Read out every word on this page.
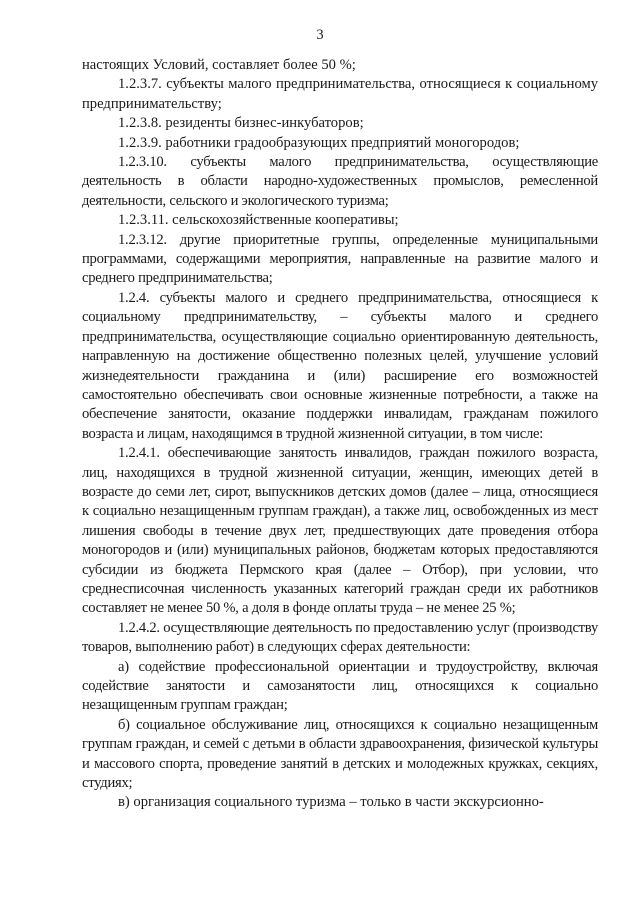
3

настоящих Условий, составляет более 50 %;

1.2.3.7. субъекты малого предпринимательства, относящиеся к социальному предпринимательству;

1.2.3.8. резиденты бизнес-инкубаторов;

1.2.3.9. работники градообразующих предприятий моногородов;

1.2.3.10. субъекты малого предпринимательства, осуществляющие деятельность в области народно-художественных промыслов, ремесленной деятельности, сельского и экологического туризма;

1.2.3.11. сельскохозяйственные кооперативы;

1.2.3.12. другие приоритетные группы, определенные муниципальными программами, содержащими мероприятия, направленные на развитие малого и среднего предпринимательства;

1.2.4. субъекты малого и среднего предпринимательства, относящиеся к социальному предпринимательству, – субъекты малого и среднего предпринимательства, осуществляющие социально ориентированную деятельность, направленную на достижение общественно полезных целей, улучшение условий жизнедеятельности гражданина и (или) расширение его возможностей самостоятельно обеспечивать свои основные жизненные потребности, а также на обеспечение занятости, оказание поддержки инвалидам, гражданам пожилого возраста и лицам, находящимся в трудной жизненной ситуации, в том числе:

1.2.4.1. обеспечивающие занятость инвалидов, граждан пожилого возраста, лиц, находящихся в трудной жизненной ситуации, женщин, имеющих детей в возрасте до семи лет, сирот, выпускников детских домов (далее – лица, относящиеся к социально незащищенным группам граждан), а также лиц, освобожденных из мест лишения свободы в течение двух лет, предшествующих дате проведения отбора моногородов и (или) муниципальных районов, бюджетам которых предоставляются субсидии из бюджета Пермского края (далее – Отбор), при условии, что среднесписочная численность указанных категорий граждан среди их работников составляет не менее 50 %, а доля в фонде оплаты труда – не менее 25 %;

1.2.4.2. осуществляющие деятельность по предоставлению услуг (производству товаров, выполнению работ) в следующих сферах деятельности:

а) содействие профессиональной ориентации и трудоустройству, включая содействие занятости и самозанятости лиц, относящихся к социально незащищенным группам граждан;

б) социальное обслуживание лиц, относящихся к социально незащищенным группам граждан, и семей с детьми в области здравоохранения, физической культуры и массового спорта, проведение занятий в детских и молодежных кружках, секциях, студиях;

в) организация социального туризма – только в части экскурсионно-
